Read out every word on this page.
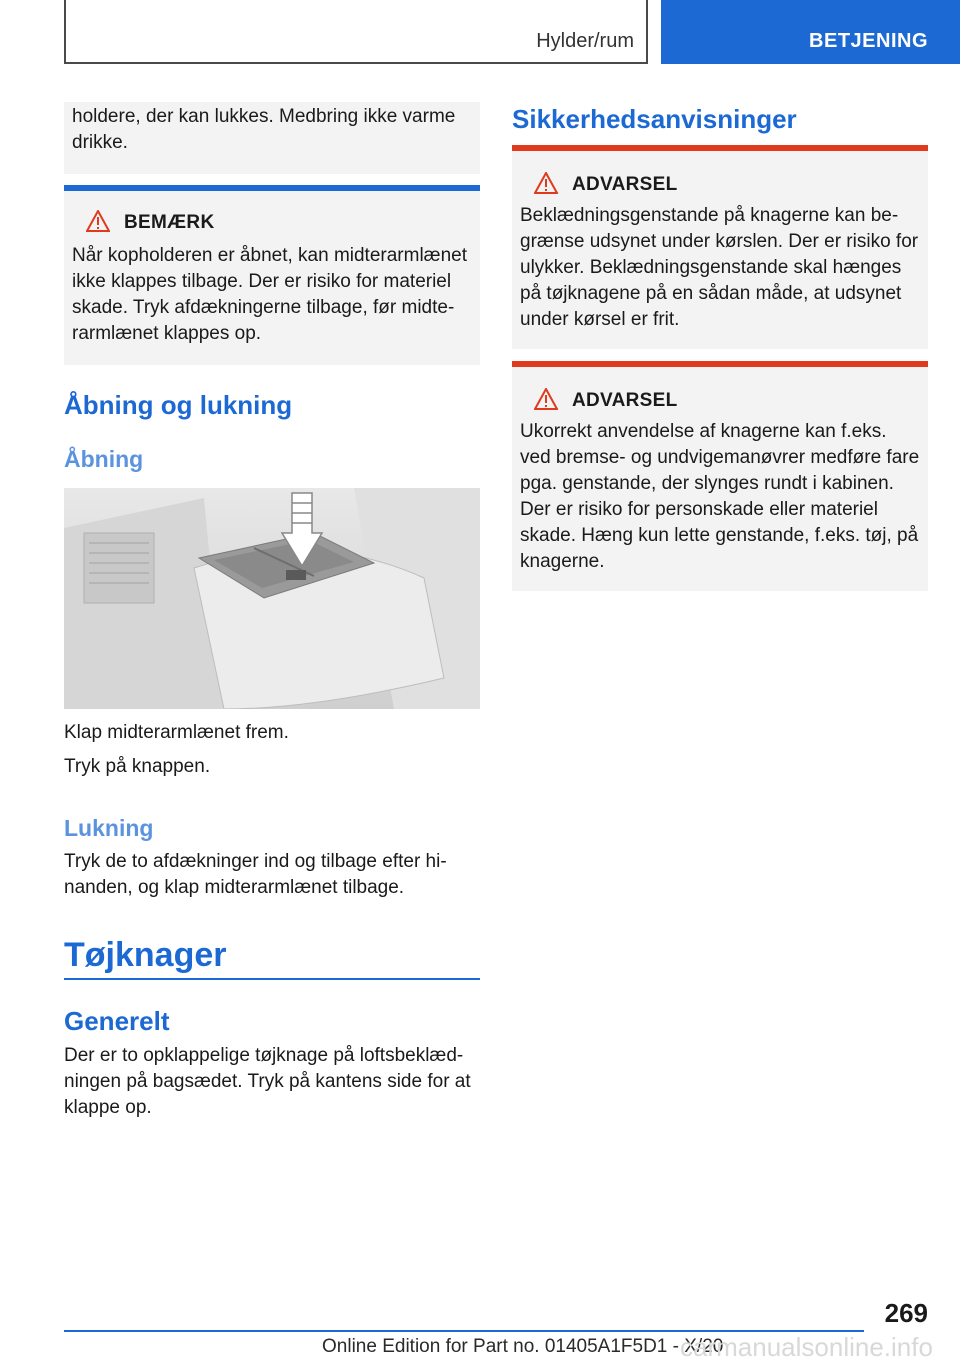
Hylder/rum	BETJENING

holdere, der kan lukkes. Medbring ikke varme drikke.

BEMÆRK

Når kopholderen er åbnet, kan midterarmlænet ikke klappes tilbage. Der er risiko for materiel skade. Tryk afdækningerne tilbage, før midterarmlænet klappes op.

Åbning og lukning
Åbning

Klap midterarmlænet frem.

Tryk på knappen.

Lukning

Tryk de to afdækninger ind og tilbage efter hinanden, og klap midterarmlænet tilbage.

Tøjknager
Generelt

Der er to opklappelige tøjknage på loftsbeklædningen på bagsædet. Tryk på kantens side for at klappe op.

Sikkerhedsanvisninger
ADVARSEL

Beklædningsgenstande på knagerne kan begrænse udsynet under kørslen. Der er risiko for ulykker. Beklædningsgenstande skal hænges på tøjknagene på en sådan måde, at udsynet under kørsel er frit.

ADVARSEL

Ukorrekt anvendelse af knagerne kan f.eks. ved bremse- og undvigemanøvrer medføre fare pga. genstande, der slynges rundt i kabinen. Der er risiko for personskade eller materiel skade. Hæng kun lette genstande, f.eks. tøj, på knagerne.

269
Online Edition for Part no. 01405A1F5D1 - X/20
carmanualsonline.info
